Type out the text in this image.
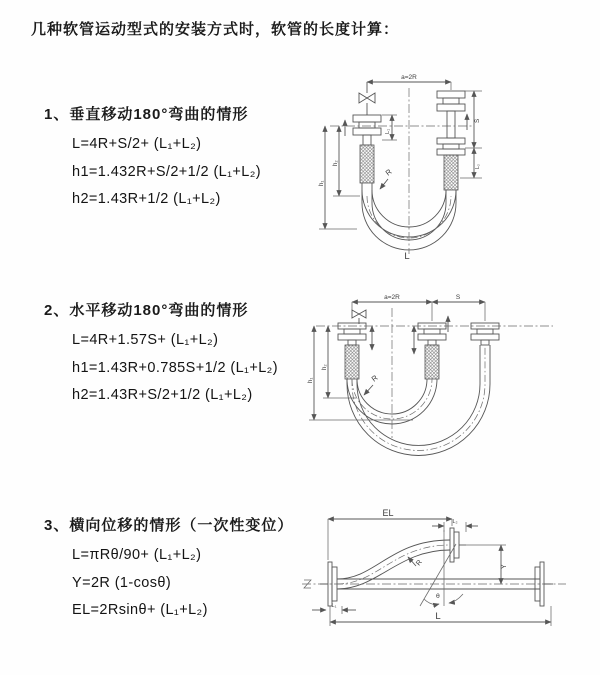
几种软管运动型式的安装方式时，软管的长度计算：
1、垂直移动180°弯曲的情形
L=4R+S/2+ (L₁+L₂)
h1=1.432R+S/2+1/2 (L₁+L₂)
h2=1.43R+1/2 (L₁+L₂)
2、水平移动180°弯曲的情形
L=4R+1.57S+ (L₁+L₂)
h1=1.43R+0.785S+1/2 (L₁+L₂)
h2=1.43R+S/2+1/2 (L₁+L₂)
3、横向位移的情形（一次性变位）
L=πRθ/90+ (L₁+L₂)
Y=2R (1-cosθ)
EL=2Rsinθ+ (L₁+L₂)
a=2R
L₁
S
L₂
h₂
h₁
R
L
a=2R	S
h₂
h₁	R
EL
L₂
Y
θ
R
L
L₁
